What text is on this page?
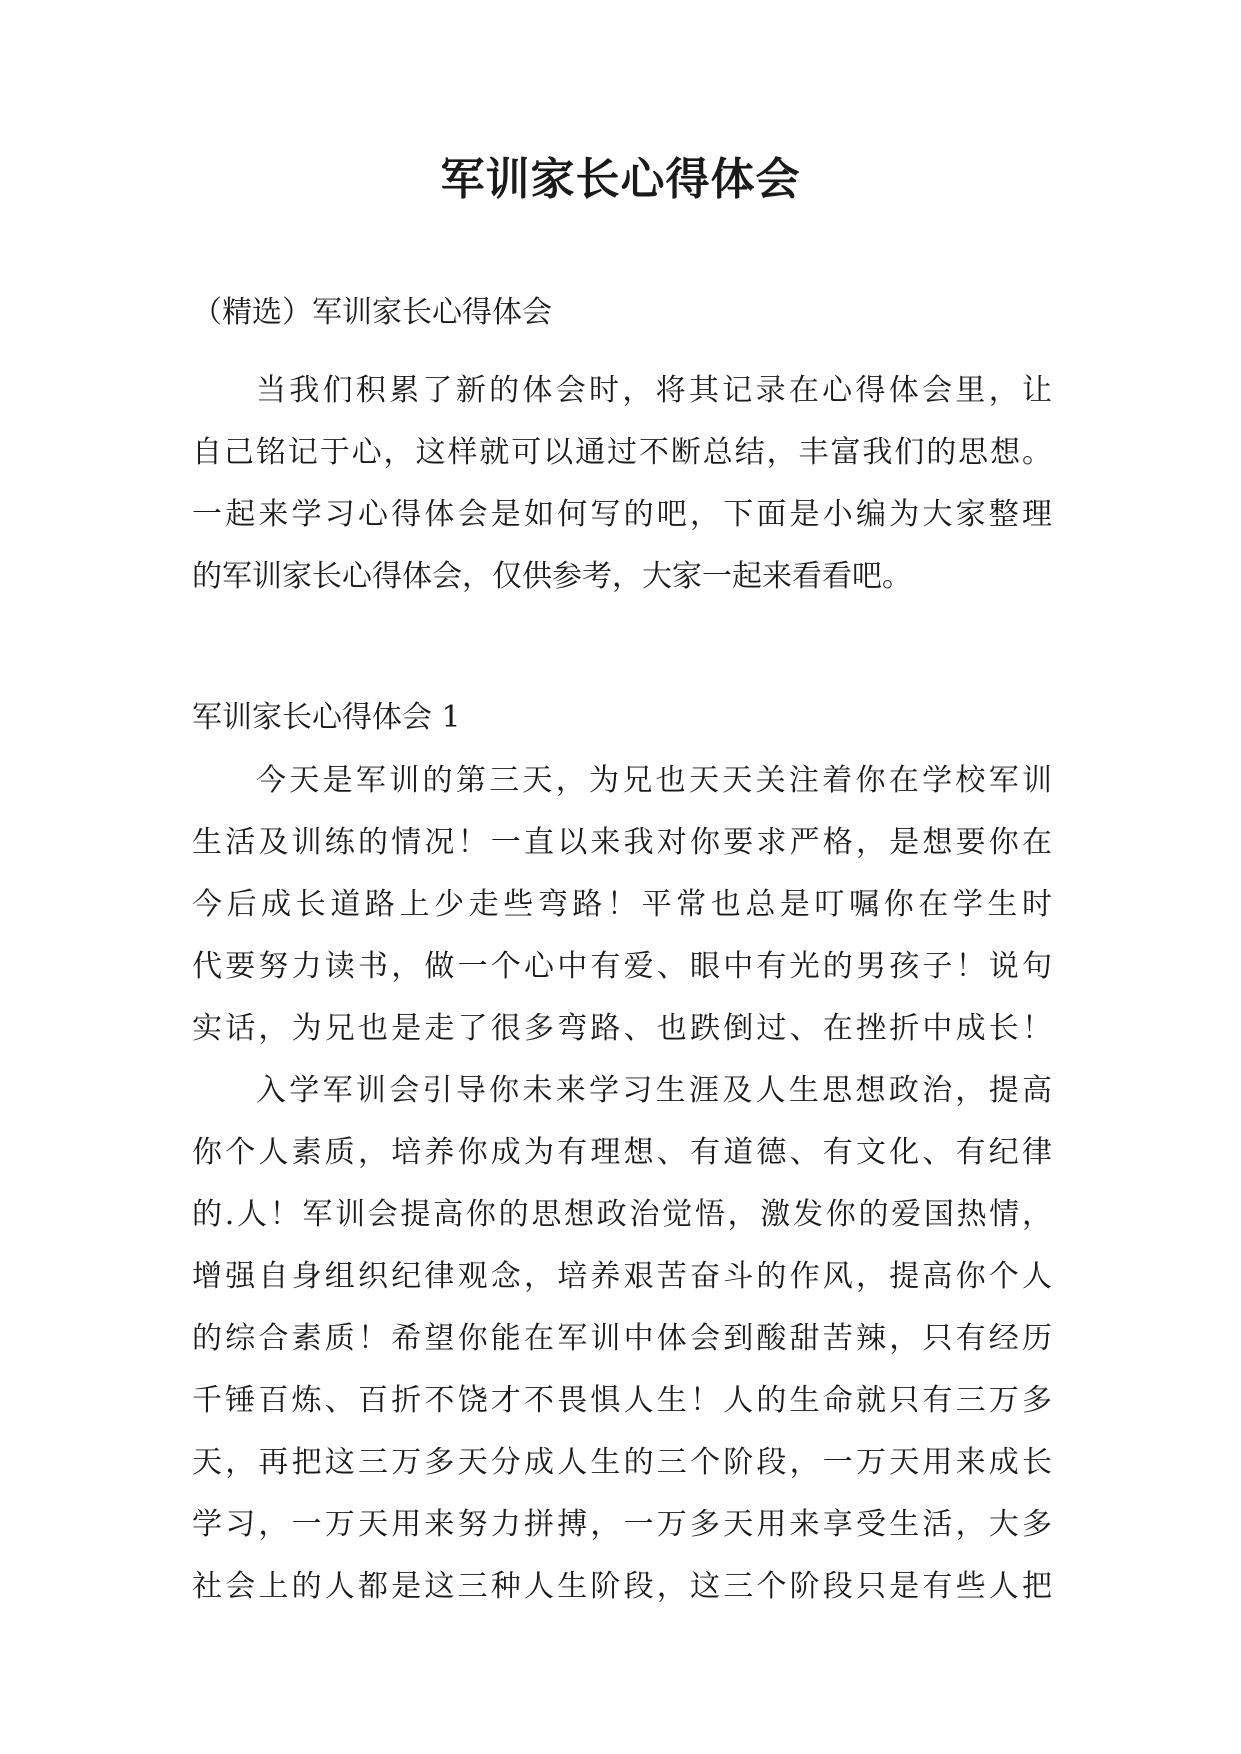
军训家长心得体会
（精选）军训家长心得体会
当我们积累了新的体会时，将其记录在心得体会里，让
自己铭记于心，这样就可以通过不断总结，丰富我们的思想。
一起来学习心得体会是如何写的吧，下面是小编为大家整理
的军训家长心得体会，仅供参考，大家一起来看看吧。
军训家长心得体会 1
今天是军训的第三天，为兄也天天关注着你在学校军训
生活及训练的情况！一直以来我对你要求严格，是想要你在
今后成长道路上少走些弯路！平常也总是叮嘱你在学生时
代要努力读书，做一个心中有爱、眼中有光的男孩子！说句
实话，为兄也是走了很多弯路、也跌倒过、在挫折中成长！
入学军训会引导你未来学习生涯及人生思想政治，提高
你个人素质，培养你成为有理想、有道德、有文化、有纪律
的.人！军训会提高你的思想政治觉悟，激发你的爱国热情，
增强自身组织纪律观念，培养艰苦奋斗的作风，提高你个人
的综合素质！希望你能在军训中体会到酸甜苦辣，只有经历
千锤百炼、百折不饶才不畏惧人生！人的生命就只有三万多
天，再把这三万多天分成人生的三个阶段，一万天用来成长
学习，一万天用来努力拼搏，一万多天用来享受生活，大多
社会上的人都是这三种人生阶段，这三个阶段只是有些人把
